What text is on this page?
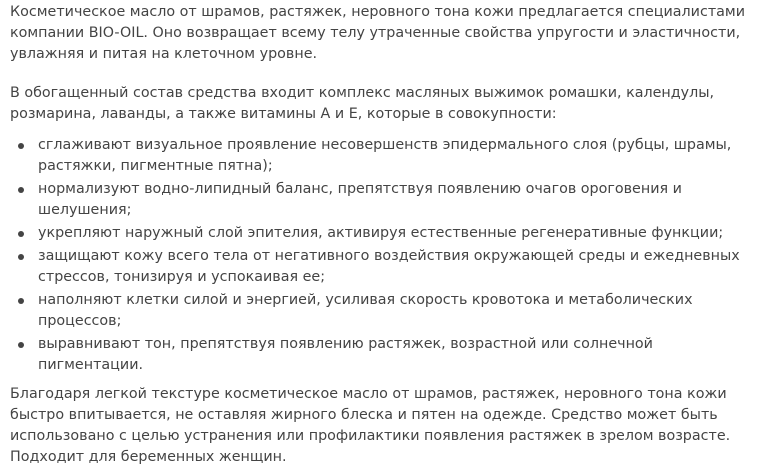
Косметическое масло от шрамов, растяжек, неровного тона кожи предлагается специалистами компании BIO-OIL. Оно возвращает всему телу утраченные свойства упругости и эластичности, увлажняя и питая на клеточном уровне.

В обогащенный состав средства входит комплекс масляных выжимок ромашки, календулы, розмарина, лаванды, а также витамины A и E, которые в совокупности:

сглаживают визуальное проявление несовершенств эпидермального слоя (рубцы, шрамы, растяжки, пигментные пятна);
нормализуют водно-липидный баланс, препятствуя появлению очагов ороговения и шелушения;
укрепляют наружный слой эпителия, активируя естественные регенеративные функции;
защищают кожу всего тела от негативного воздействия окружающей среды и ежедневных стрессов, тонизируя и успокаивая ее;
наполняют клетки силой и энергией, усиливая скорость кровотока и метаболических процессов;
выравнивают тон, препятствуя появлению растяжек, возрастной или солнечной пигментации.

Благодаря легкой текстуре косметическое масло от шрамов, растяжек, неровного тона кожи быстро впитывается, не оставляя жирного блеска и пятен на одежде. Средство может быть использовано с целью устранения или профилактики появления растяжек в зрелом возрасте. Подходит для беременных женщин.
